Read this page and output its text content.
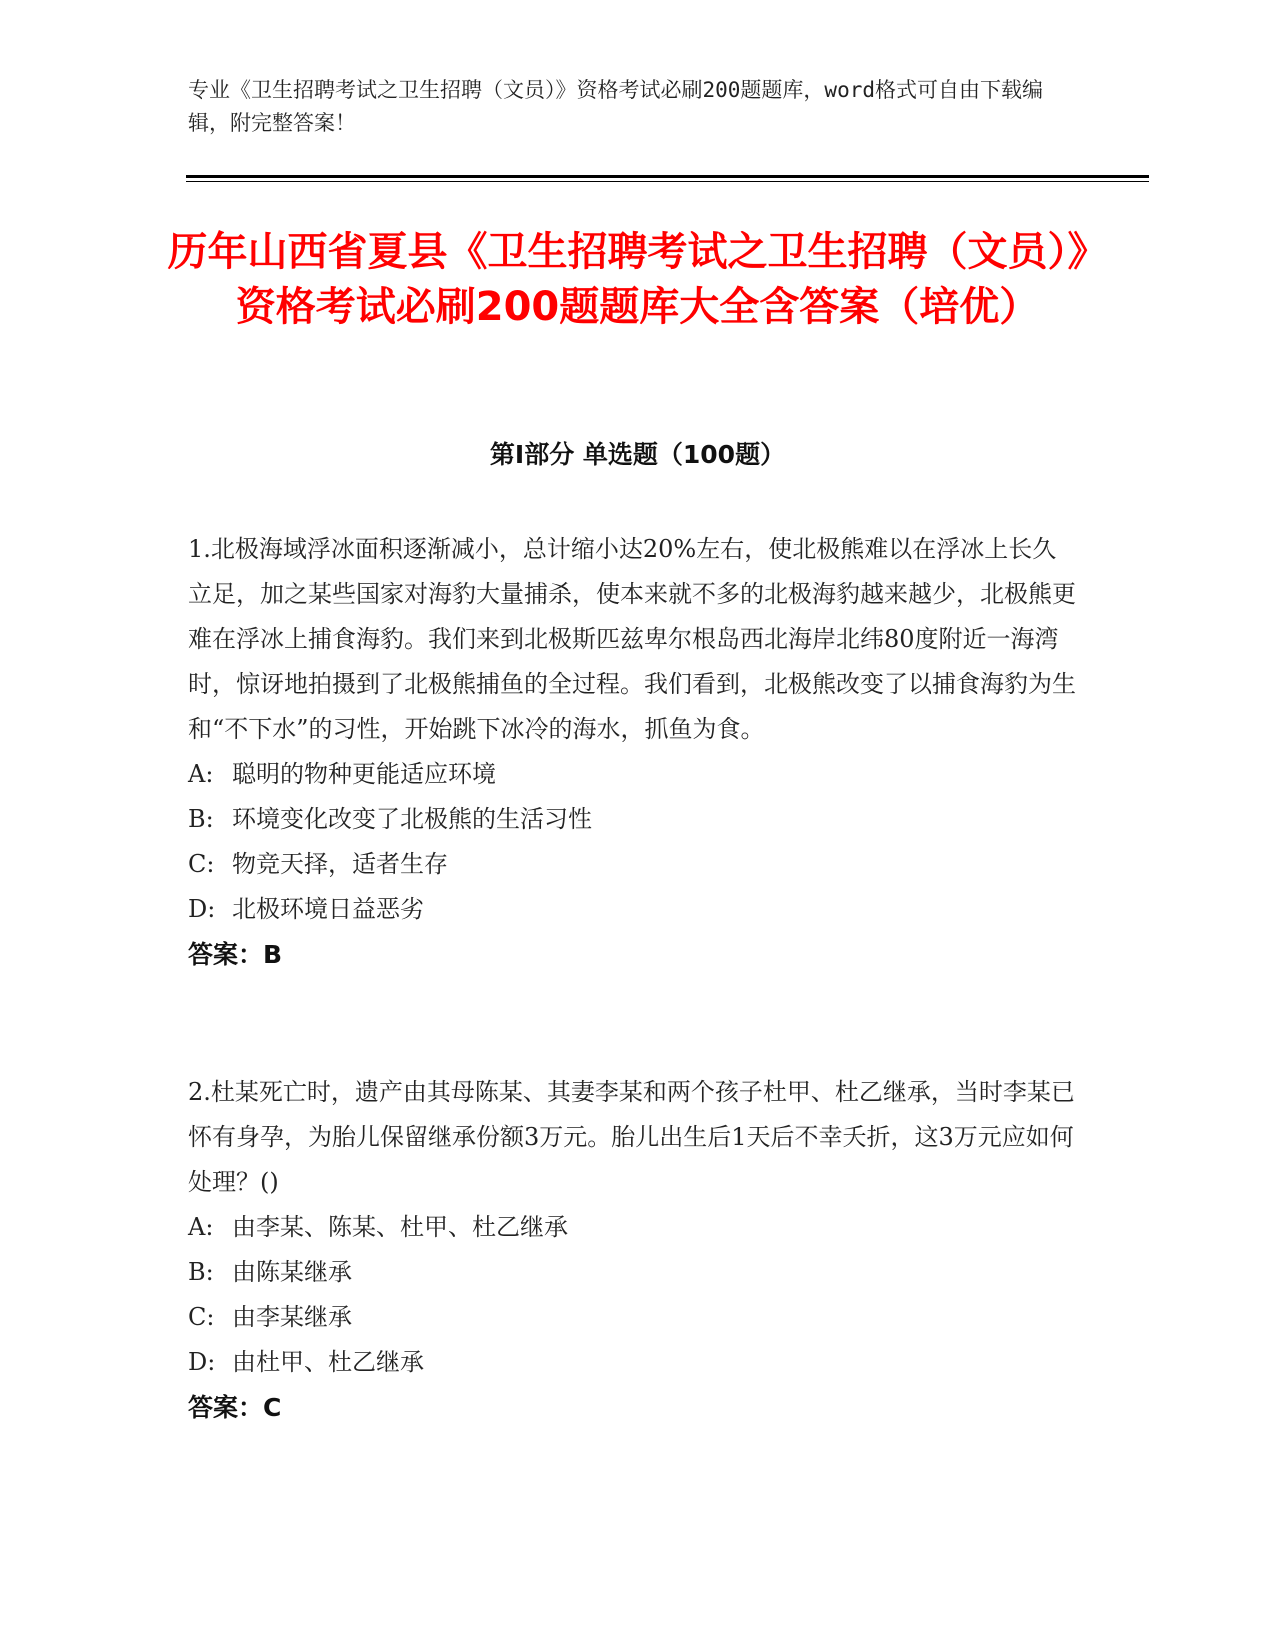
专业《卫生招聘考试之卫生招聘（文员）》资格考试必刷200题题库，word格式可自由下载编辑，附完整答案！
历年山西省夏县《卫生招聘考试之卫生招聘（文员）》资格考试必刷200题题库大全含答案（培优）
第Ⅰ部分 单选题（100题）

1.北极海域浮冰面积逐渐减小，总计缩小达20%左右，使北极熊难以在浮冰上长久立足，加之某些国家对海豹大量捕杀，使本来就不多的北极海豹越来越少，北极熊更难在浮冰上捕食海豹。我们来到北极斯匹兹卑尔根岛西北海岸北纬80度附近一海湾时，惊讶地拍摄到了北极熊捕鱼的全过程。我们看到，北极熊改变了以捕食海豹为生和“不下水”的习性，开始跳下冰冷的海水，抓鱼为食。

A: 聪明的物种更能适应环境

B: 环境变化改变了北极熊的生活习性

C: 物竞天择，适者生存

D: 北极环境日益恶劣

答案：B

2.杜某死亡时，遗产由其母陈某、其妻李某和两个孩子杜甲、杜乙继承，当时李某已怀有身孕，为胎儿保留继承份额3万元。胎儿出生后1天后不幸夭折，这3万元应如何处理？()

A: 由李某、陈某、杜甲、杜乙继承

B: 由陈某继承

C: 由李某继承

D: 由杜甲、杜乙继承

答案：C
